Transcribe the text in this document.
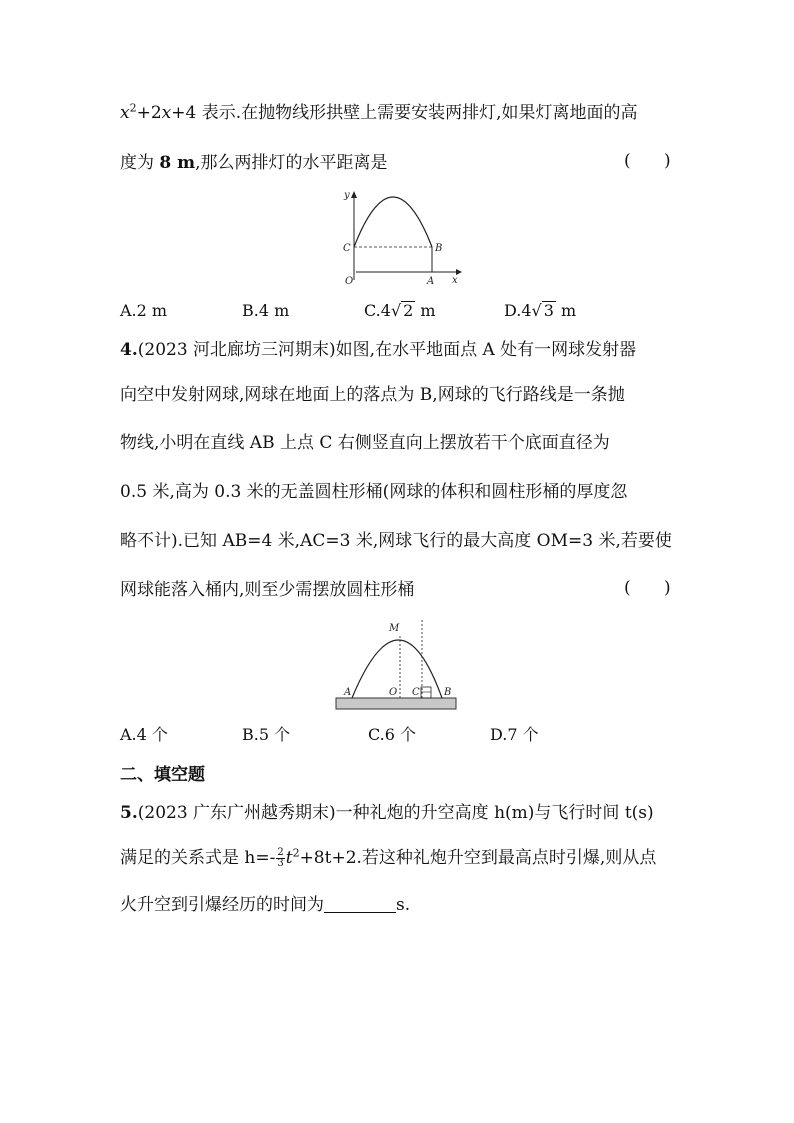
$x^2+2x+4$ 表示.在抛物线形拱壁上需要安装两排灯,如果灯离地面的高
度为 8 m,那么两排灯的水平距离是	( )
y
x
C	B
O	A
A.2 m	B.4 m	C.4√ 2 m	D.4√ 3 m
4.(2023 河北廊坊三河期末)如图,在水平地面点 A 处有一网球发射器
向空中发射网球,网球在地面上的落点为 B,网球的飞行路线是一条抛
物线,小明在直线 AB 上点 C 右侧竖直向上摆放若干个底面直径为
0.5 米,高为 0.3 米的无盖圆柱形桶(网球的体积和圆柱形桶的厚度忽
略不计).已知 AB=4 米,AC=3 米,网球飞行的最大高度 OM=3 米,若要使
网球能落入桶内,则至少需摆放圆柱形桶	( )
M
A	O C B
A.4 个	B.5 个	C.6 个	D.7 个
二、填空题
5.(2023 广东广州越秀期末)一种礼炮的升空高度 h(m)与飞行时间 t(s)
满足的关系式是 $h=- \frac{2}{3} t^2+8t+2$.若这种礼炮升空到最高点时引爆,则从点
火升空到引爆经历的时间为	s.
